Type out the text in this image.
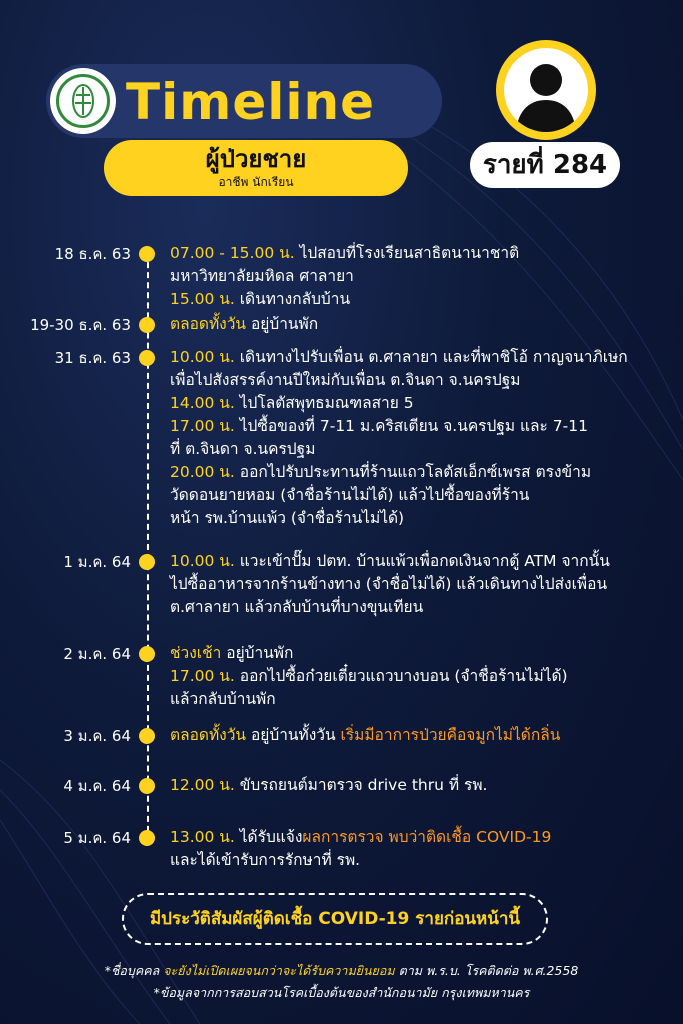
Timeline
ผู้ป่วยชาย
อาชีพ นักเรียน
รายที่ 284
18 ธ.ค. 63	07.00 - 15.00 น. ไปสอบที่โรงเรียนสาธิตนานาชาติ

มหาวิทยาลัยมหิดล ศาลายา

15.00 น. เดินทางกลับบ้าน

19-30 ธ.ค. 63	ตลอดทั้งวัน อยู่บ้านพัก

31 ธ.ค. 63	10.00 น. เดินทางไปรับเพื่อน ต.ศาลายา และที่พาชิโอ้ กาญจนาภิเษก

เพื่อไปสังสรรค์งานปีใหม่กับเพื่อน ต.จินดา จ.นครปฐม

14.00 น. ไปโลตัสพุทธมณฑลสาย 5

17.00 น. ไปซื้อของที่ 7-11 ม.คริสเตียน จ.นครปฐม และ 7-11

ที่ ต.จินดา จ.นครปฐม

20.00 น. ออกไปรับประทานที่ร้านแถวโลตัสเอ็กซ์เพรส ตรงข้าม

วัดดอนยายหอม (จำชื่อร้านไม่ได้) แล้วไปซื้อของที่ร้าน

หน้า รพ.บ้านแพ้ว (จำชื่อร้านไม่ได้)

1 ม.ค. 64	10.00 น. แวะเข้าปั๊ม ปตท. บ้านแพ้วเพื่อกดเงินจากตู้ ATM จากนั้น

ไปซื้ออาหารจากร้านข้างทาง (จำชื่อไม่ได้) แล้วเดินทางไปส่งเพื่อน

ต.ศาลายา แล้วกลับบ้านที่บางขุนเทียน

2 ม.ค. 64	ช่วงเช้า อยู่บ้านพัก

17.00 น. ออกไปซื้อก๋วยเตี๋ยวแถวบางบอน (จำชื่อร้านไม่ได้)

แล้วกลับบ้านพัก

3 ม.ค. 64	ตลอดทั้งวัน อยู่บ้านทั้งวัน เริ่มมีอาการป่วยคือจมูกไม่ได้กลิ่น

4 ม.ค. 64	12.00 น. ขับรถยนต์มาตรวจ drive thru ที่ รพ.

5 ม.ค. 64	13.00 น. ได้รับแจ้งผลการตรวจ พบว่าติดเชื้อ COVID-19

และได้เข้ารับการรักษาที่ รพ.

มีประวัติสัมผัสผู้ติดเชื้อ COVID-19 รายก่อนหน้านี้
*ชื่อบุคคล จะยังไม่เปิดเผยจนกว่าจะได้รับความยินยอม ตาม พ.ร.บ. โรคติดต่อ พ.ศ.2558
*ข้อมูลจากการสอบสวนโรคเบื้องต้นของสำนักอนามัย กรุงเทพมหานคร
